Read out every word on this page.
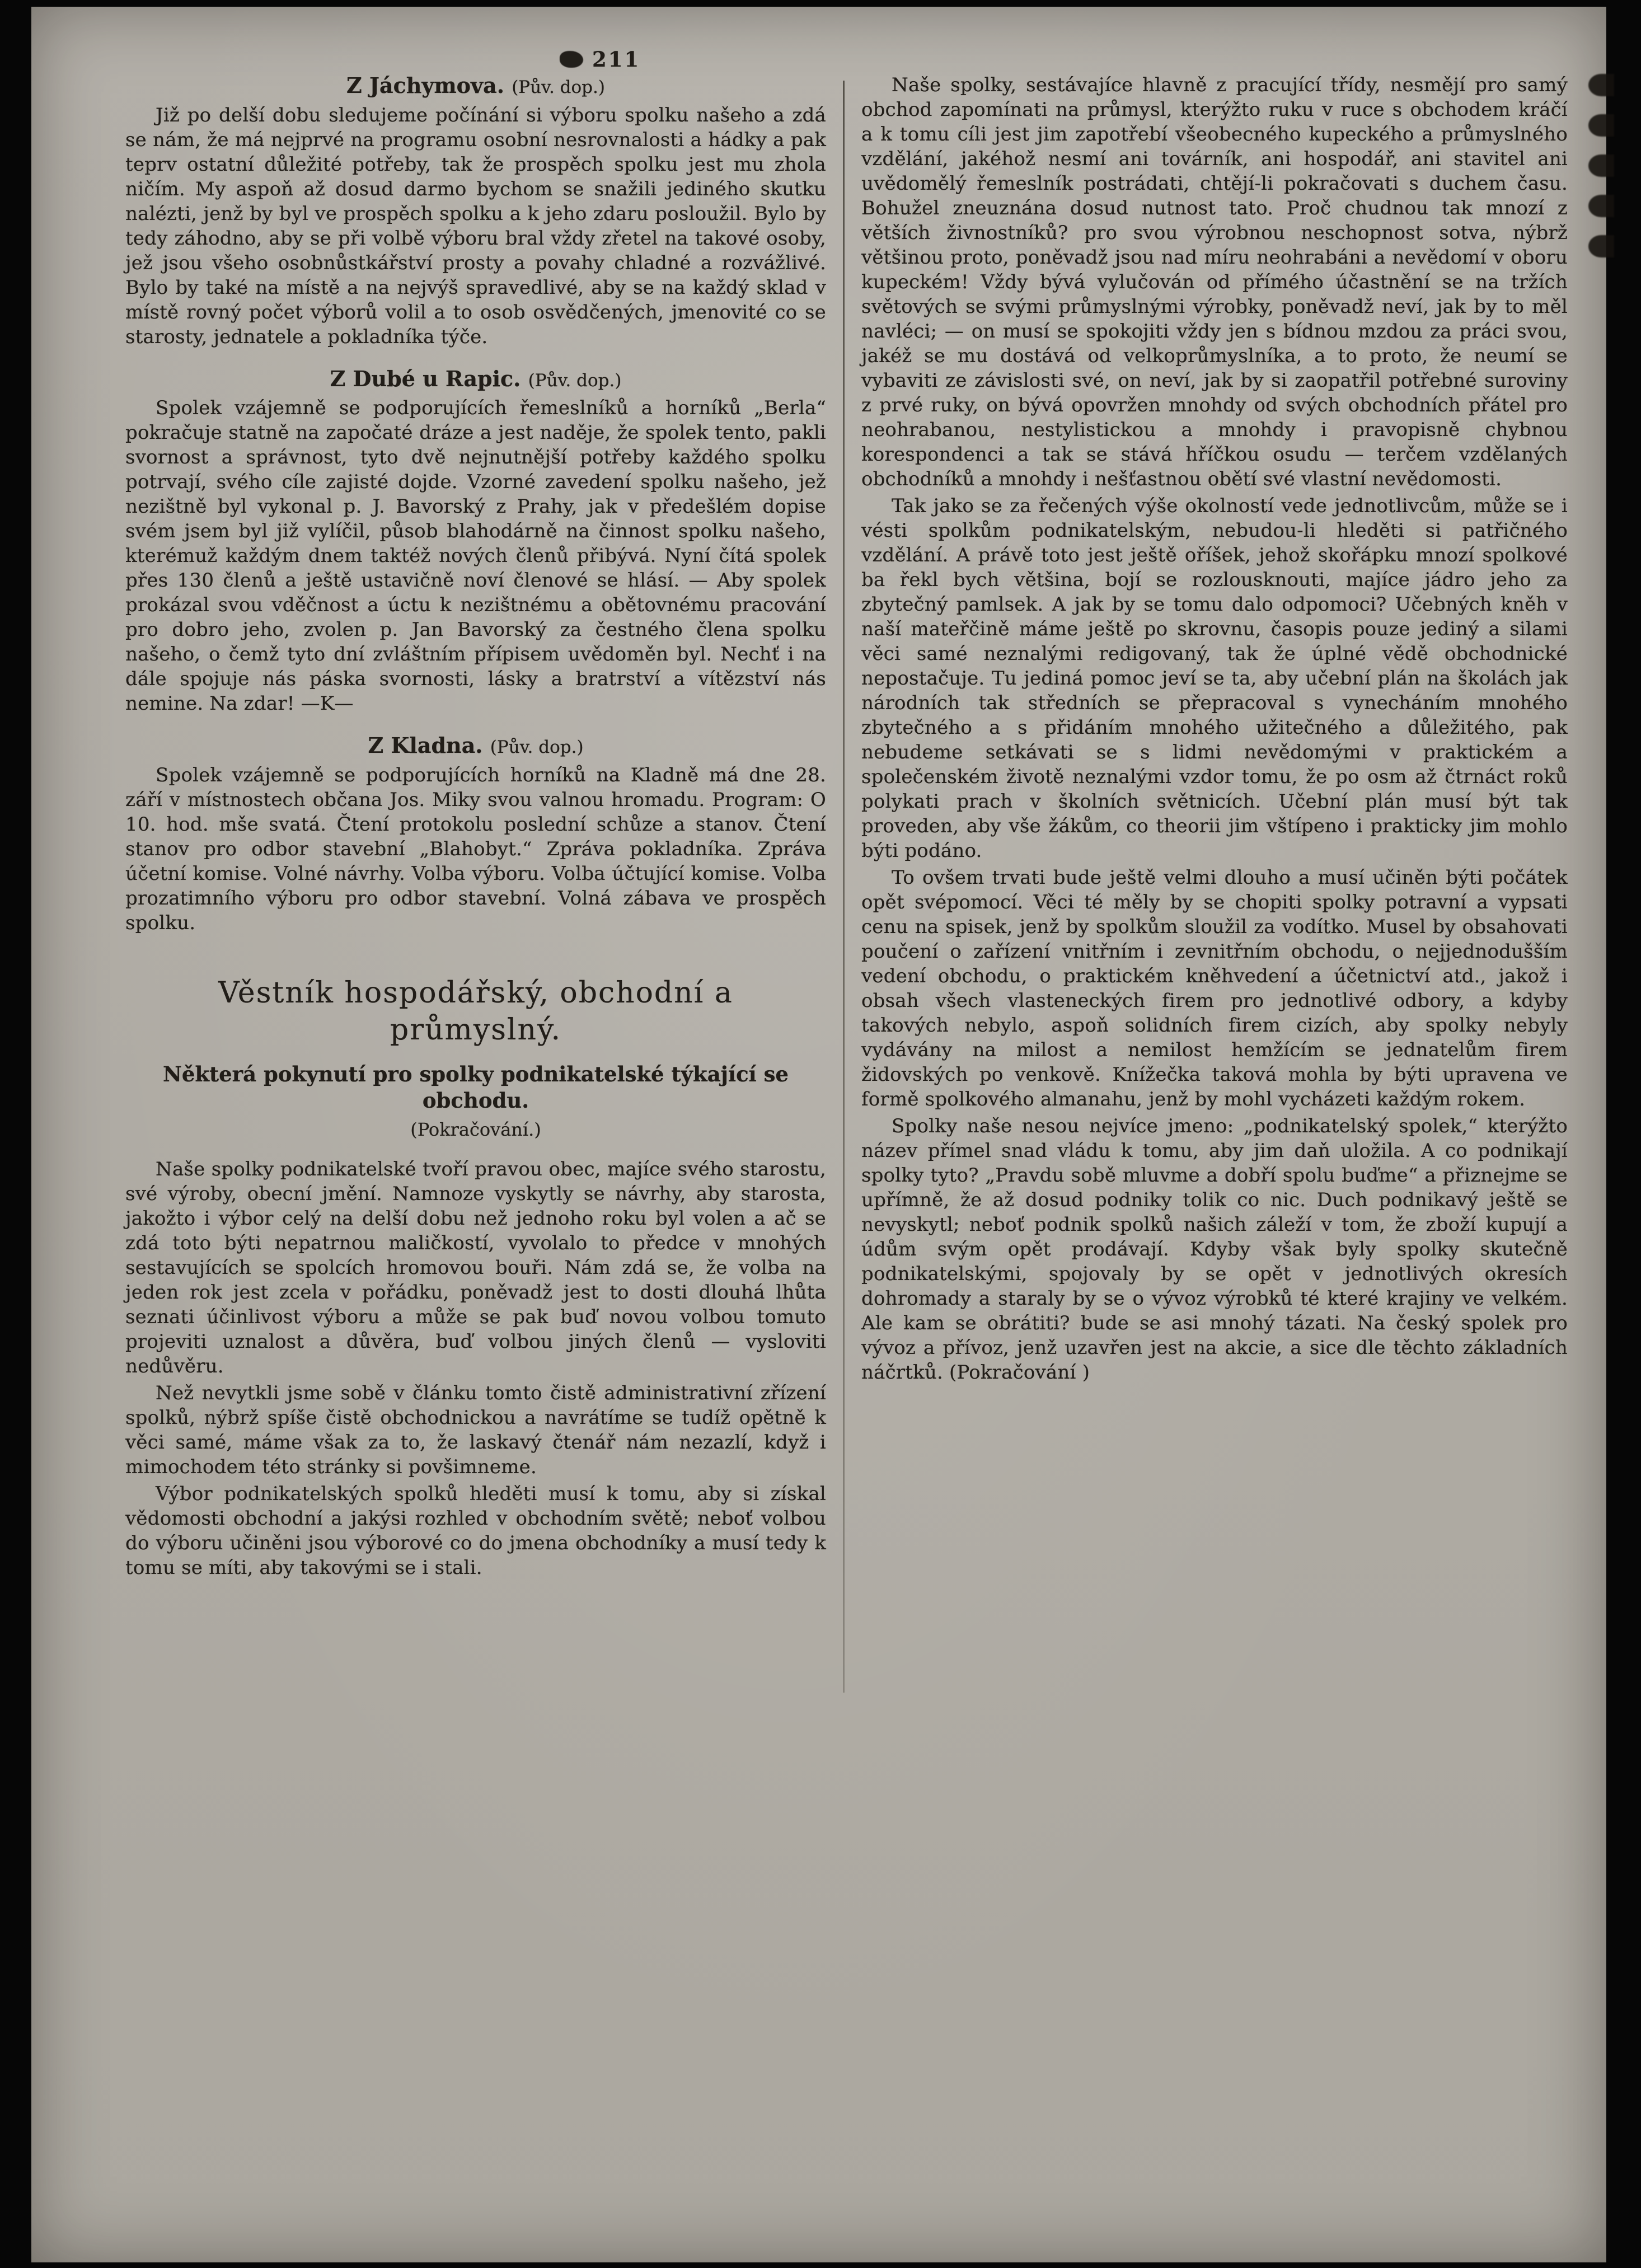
211
Z Jáchymova. (Pův. dop.)

Již po delší dobu sledujeme počínání si výboru spolku našeho a zdá se nám, že má nejprvé na programu osobní nesrovnalosti a hádky a pak teprv ostatní důležité potřeby, tak že prospěch spolku jest mu zhola ničím. My aspoň až dosud darmo bychom se snažili jediného skutku nalézti, jenž by byl ve prospěch spolku a k jeho zdaru posloužil. Bylo by tedy záhodno, aby se při volbě výboru bral vždy zřetel na takové osoby, jež jsou všeho osobnůstkářství prosty a povahy chladné a rozvážlivé. Bylo by také na místě a na nejvýš spravedlivé, aby se na každý sklad v místě rovný počet výborů volil a to osob osvědčených, jmenovité co se starosty, jednatele a pokladníka týče.

Z Dubé u Rapic. (Pův. dop.)

Spolek vzájemně se podporujících řemeslníků a horníků „Berla“ pokračuje statně na započaté dráze a jest naděje, že spolek tento, pakli svornost a správnost, tyto dvě nejnutnější potřeby každého spolku potrvají, svého cíle zajisté dojde. Vzorné zavedení spolku našeho, jež nezištně byl vykonal p. J. Bavorský z Prahy, jak v předešlém dopise svém jsem byl již vylíčil, působ blahodárně na činnost spolku našeho, kterémuž každým dnem taktéž nových členů přibývá. Nyní čítá spolek přes 130 členů a ještě ustavičně noví členové se hlásí. — Aby spolek prokázal svou vděčnost a úctu k nezištnému a obětovnému pracování pro dobro jeho, zvolen p. Jan Bavorský za čestného člena spolku našeho, o čemž tyto dní zvláštním přípisem uvědoměn byl. Nechť i na dále spojuje nás páska svornosti, lásky a bratrství a vítězství nás nemine. Na zdar! —K—

Z Kladna. (Pův. dop.)

Spolek vzájemně se podporujících horníků na Kladně má dne 28. září v místnostech občana Jos. Miky svou valnou hromadu. Program: O 10. hod. mše svatá. Čtení protokolu poslední schůze a stanov. Čtení stanov pro odbor stavební „Blahobyt.“ Zpráva pokladníka. Zpráva účetní komise. Volné návrhy. Volba výboru. Volba účtující komise. Volba prozatimního výboru pro odbor stavební. Volná zábava ve prospěch spolku.

Věstník hospodářský, obchodní a průmyslný.
Některá pokynutí pro spolky podnikatelské týkající se obchodu.
(Pokračování.)

Naše spolky podnikatelské tvoří pravou obec, majíce svého starostu, své výroby, obecní jmění. Namnoze vyskytly se návrhy, aby starosta, jakožto i výbor celý na delší dobu než jednoho roku byl volen a ač se zdá toto býti nepatrnou maličkostí, vyvolalo to předce v mnohých sestavujících se spolcích hromovou bouři. Nám zdá se, že volba na jeden rok jest zcela v pořádku, poněvadž jest to dosti dlouhá lhůta seznati účinlivost výboru a může se pak buď novou volbou tomuto projeviti uznalost a důvěra, buď volbou jiných členů — vysloviti nedůvěru.

Než nevytkli jsme sobě v článku tomto čistě administrativní zřízení spolků, nýbrž spíše čistě obchodnickou a navrátíme se tudíž opětně k věci samé, máme však za to, že laskavý čtenář nám nezazlí, když i mimochodem této stránky si povšimneme.

Výbor podnikatelských spolků hleděti musí k tomu, aby si získal vědomosti obchodní a jakýsi rozhled v obchodním světě; neboť volbou do výboru učiněni jsou výborové co do jmena obchodníky a musí tedy k tomu se míti, aby takovými se i stali.

Naše spolky, sestávajíce hlavně z pracující třídy, nesmějí pro samý obchod zapomínati na průmysl, kterýžto ruku v ruce s obchodem kráčí a k tomu cíli jest jim zapotřebí všeobecného kupeckého a průmyslného vzdělání, jakéhož nesmí ani továrník, ani hospodář, ani stavitel ani uvědomělý řemeslník postrádati, chtějí-li pokračovati s duchem času. Bohužel zneuznána dosud nutnost tato. Proč chudnou tak mnozí z větších živnostníků? pro svou výrobnou neschopnost sotva, nýbrž většinou proto, poněvadž jsou nad míru neohrabáni a nevědomí v oboru kupeckém! Vždy bývá vylučován od přímého účastnění se na tržích světových se svými průmyslnými výrobky, poněvadž neví, jak by to měl navléci; — on musí se spokojiti vždy jen s bídnou mzdou za práci svou, jakéž se mu dostává od velkoprůmyslníka, a to proto, že neumí se vybaviti ze závislosti své, on neví, jak by si zaopatřil potřebné suroviny z prvé ruky, on bývá opovržen mnohdy od svých obchodních přátel pro neohrabanou, nestylistickou a mnohdy i pravopisně chybnou korespondenci a tak se stává hříčkou osudu — terčem vzdělaných obchodníků a mnohdy i nešťastnou obětí své vlastní nevědomosti.

Tak jako se za řečených výše okolností vede jednotlivcům, může se i vésti spolkům podnikatelským, nebudou-li hleděti si patřičného vzdělání. A právě toto jest ještě oříšek, jehož skořápku mnozí spolkové ba řekl bych většina, bojí se rozlousknouti, majíce jádro jeho za zbytečný pamlsek. A jak by se tomu dalo odpomoci? Učebných kněh v naší mateřčině máme ještě po skrovnu, časopis pouze jediný a silami věci samé neznalými redigovaný, tak že úplné vědě obchodnické nepostačuje. Tu jediná pomoc jeví se ta, aby učební plán na školách jak národních tak středních se přepracoval s vynecháním mnohého zbytečného a s přidáním mnohého užitečného a důležitého, pak nebudeme setkávati se s lidmi nevědomými v praktickém a společenském životě neznalými vzdor tomu, že po osm až čtrnáct roků polykati prach v školních světnicích. Učební plán musí být tak proveden, aby vše žákům, co theorii jim vštípeno i prakticky jim mohlo býti podáno.

To ovšem trvati bude ještě velmi dlouho a musí učiněn býti počátek opět svépomocí. Věci té měly by se chopiti spolky potravní a vypsati cenu na spisek, jenž by spolkům sloužil za vodítko. Musel by obsahovati poučení o zařízení vnitřním i zevnitřním obchodu, o nejjednodušším vedení obchodu, o praktickém kněhvedení a účetnictví atd., jakož i obsah všech vlasteneckých firem pro jednotlivé odbory, a kdyby takových nebylo, aspoň solidních firem cizích, aby spolky nebyly vydávány na milost a nemilost hemžícím se jednatelům firem židovských po venkově. Knížečka taková mohla by býti upravena ve formě spolkového almanahu, jenž by mohl vycházeti každým rokem.

Spolky naše nesou nejvíce jmeno: „podnikatelský spolek,“ kterýžto název přímel snad vládu k tomu, aby jim daň uložila. A co podnikají spolky tyto? „Pravdu sobě mluvme a dobří spolu buďme“ a přiznejme se upřímně, že až dosud podniky tolik co nic. Duch podnikavý ještě se nevyskytl; neboť podnik spolků našich záleží v tom, že zboží kupují a údům svým opět prodávají. Kdyby však byly spolky skutečně podnikatelskými, spojovaly by se opět v jednotlivých okresích dohromady a staraly by se o vývoz výrobků té které krajiny ve velkém. Ale kam se obrátiti? bude se asi mnohý tázati. Na český spolek pro vývoz a přívoz, jenž uzavřen jest na akcie, a sice dle těchto základních náčrtků. (Pokračování )
